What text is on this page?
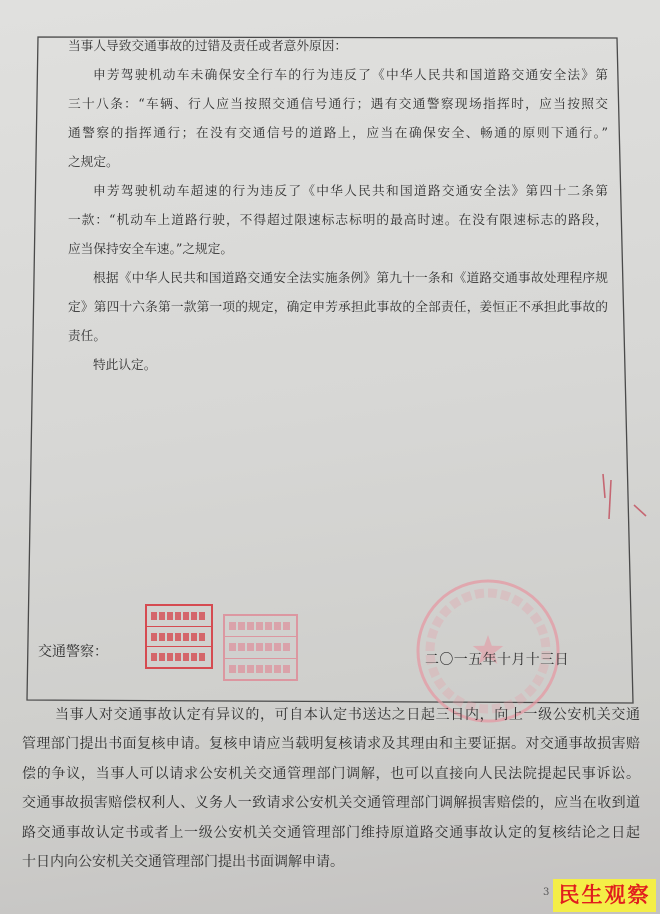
当事人导致交通事故的过错及责任或者意外原因：
申芳驾驶机动车未确保安全行车的行为违反了《中华人民共和国道路交通安全法》第
三十八条：“车辆、行人应当按照交通信号通行；遇有交通警察现场指挥时，应当按照交
通警察的指挥通行；在没有交通信号的道路上，应当在确保安全、畅通的原则下通行。”
之规定。
申芳驾驶机动车超速的行为违反了《中华人民共和国道路交通安全法》第四十二条第
一款：“机动车上道路行驶，不得超过限速标志标明的最高时速。在没有限速标志的路段，
应当保持安全车速。”之规定。
根据《中华人民共和国道路交通安全法实施条例》第九十一条和《道路交通事故处理程序规
定》第四十六条第一款第一项的规定，确定申芳承担此事故的全部责任，姜恒正不承担此事故的
责任。
特此认定。
交通警察：	二〇一五年十月十三日
当事人对交通事故认定有异议的，可自本认定书送达之日起三日内，向上一级公安机关交通
管理部门提出书面复核申请。复核申请应当载明复核请求及其理由和主要证据。对交通事故损害赔
偿的争议，当事人可以请求公安机关交通管理部门调解，也可以直接向人民法院提起民事诉讼。
交通事故损害赔偿权利人、义务人一致请求公安机关交通管理部门调解损害赔偿的，应当在收到道
路交通事故认定书或者上一级公安机关交通管理部门维持原道路交通事故认定的复核结论之日起
十日内向公安机关交通管理部门提出书面调解申请。
3 民生观察
